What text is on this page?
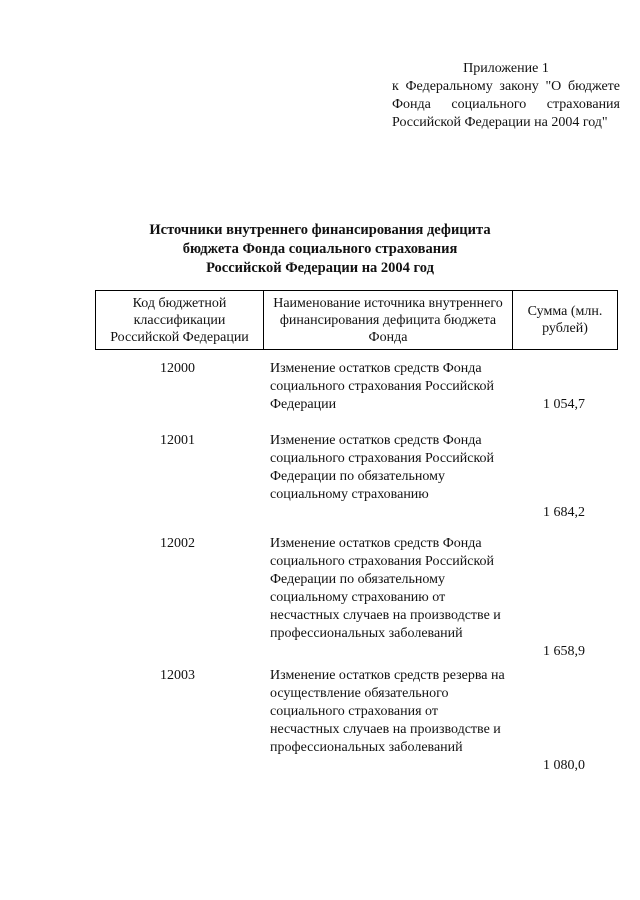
Приложение 1
к Федеральному закону "О бюджете Фонда социального страхования Российской Федерации на 2004 год"
Источники внутреннего финансирования дефицита
бюджета Фонда социального страхования
Российской Федерации на 2004 год
Код бюджетной классификации Российской Федерации
Наименование источника внутреннего финансирования дефицита бюджета Фонда
Сумма (млн. рублей)
12000	Изменение остатков средств Фонда социального страхования Российской Федерации	1 054,7
12001	Изменение остатков средств Фонда социального страхования Российской Федерации по обязательному социальному страхованию
1 684,2
12002	Изменение остатков средств Фонда социального страхования Российской Федерации по обязательному социальному страхованию от несчастных случаев на производстве и профессиональных заболеваний
1 658,9
12003	Изменение остатков средств резерва на осуществление обязательного социального страхования от несчастных случаев на производстве и профессиональных заболеваний
1 080,0
